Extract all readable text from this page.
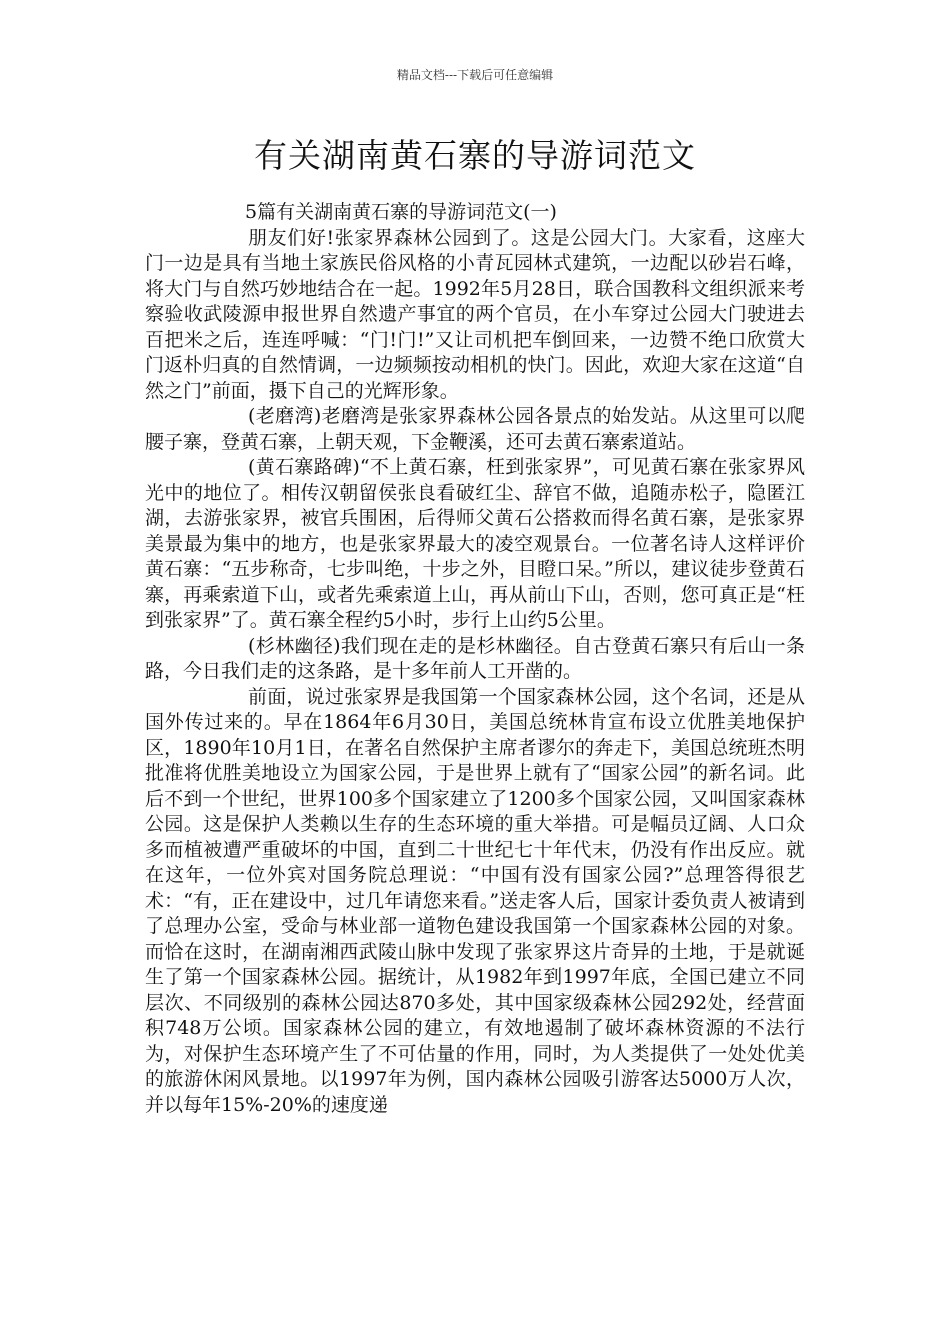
精品文档---下载后可任意编辑
有关湖南黄石寨的导游词范文

5篇有关湖南黄石寨的导游词范文(一)

朋友们好!张家界森林公园到了。这是公园大门。大家看，这座大门一边是具有当地土家族民俗风格的小青瓦园林式建筑，一边配以砂岩石峰，将大门与自然巧妙地结合在一起。1992年5月28日，联合国教科文组织派来考察验收武陵源申报世界自然遗产事宜的两个官员，在小车穿过公园大门驶进去百把米之后，连连呼喊：“门!门!”又让司机把车倒回来，一边赞不绝口欣赏大门返朴归真的自然情调，一边频频按动相机的快门。因此，欢迎大家在这道“自然之门”前面，摄下自己的光辉形象。

(老磨湾)老磨湾是张家界森林公园各景点的始发站。从这里可以爬腰子寨，登黄石寨，上朝天观，下金鞭溪，还可去黄石寨索道站。

(黄石寨路碑)“不上黄石寨，枉到张家界”，可见黄石寨在张家界风光中的地位了。相传汉朝留侯张良看破红尘、辞官不做，追随赤松子，隐匿江湖，去游张家界，被官兵围困，后得师父黄石公搭救而得名黄石寨，是张家界美景最为集中的地方，也是张家界最大的凌空观景台。一位著名诗人这样评价黄石寨：“五步称奇，七步叫绝，十步之外，目瞪口呆。”所以，建议徒步登黄石寨，再乘索道下山，或者先乘索道上山，再从前山下山，否则，您可真正是“枉到张家界”了。黄石寨全程约5小时，步行上山约5公里。

(杉林幽径)我们现在走的是杉林幽径。自古登黄石寨只有后山一条路，今日我们走的这条路，是十多年前人工开凿的。

前面，说过张家界是我国第一个国家森林公园，这个名词，还是从国外传过来的。早在1864年6月30日，美国总统林肯宣布设立优胜美地保护区，1890年10月1日，在著名自然保护主席者谬尔的奔走下，美国总统班杰明批准将优胜美地设立为国家公园，于是世界上就有了“国家公园”的新名词。此后不到一个世纪，世界100多个国家建立了1200多个国家公园，又叫国家森林公园。这是保护人类赖以生存的生态环境的重大举措。可是幅员辽阔、人口众多而植被遭严重破坏的中国，直到二十世纪七十年代末，仍没有作出反应。就在这年，一位外宾对国务院总理说：“中国有没有国家公园?”总理答得很艺术：“有，正在建设中，过几年请您来看。”送走客人后，国家计委负责人被请到了总理办公室，受命与林业部一道物色建设我国第一个国家森林公园的对象。而恰在这时，在湖南湘西武陵山脉中发现了张家界这片奇异的土地，于是就诞生了第一个国家森林公园。据统计，从1982年到1997年底，全国已建立不同层次、不同级别的森林公园达870多处，其中国家级森林公园292处，经营面积748万公顷。国家森林公园的建立，有效地遏制了破坏森林资源的不法行为，对保护生态环境产生了不可估量的作用，同时，为人类提供了一处处优美的旅游休闲风景地。以1997年为例，国内森林公园吸引游客达5000万人次，并以每年15%-20%的速度递
